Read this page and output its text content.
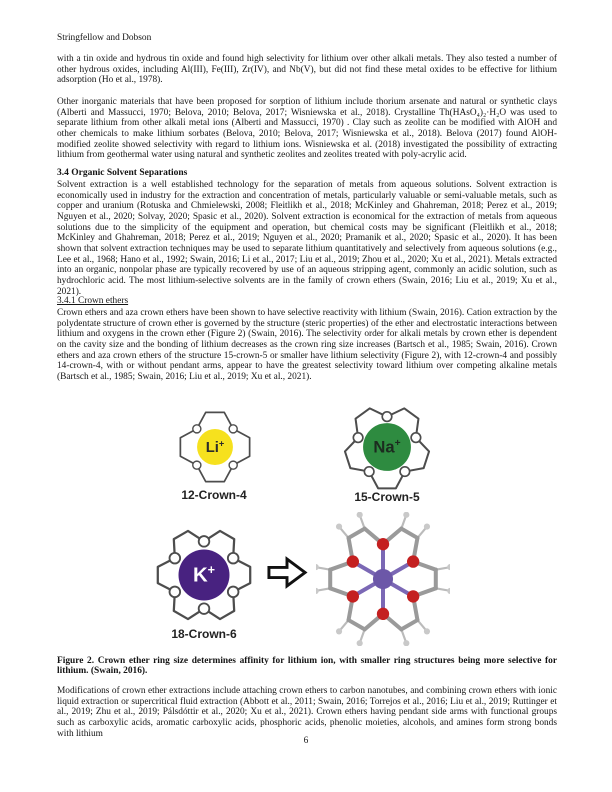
Stringfellow and Dobson

with a tin oxide and hydrous tin oxide and found high selectivity for lithium over other alkali metals. They also tested a number of other hydrous oxides, including Al(III), Fe(III), Zr(IV), and Nb(V), but did not find these metal oxides to be effective for lithium adsorption (Ho et al., 1978).

Other inorganic materials that have been proposed for sorption of lithium include thorium arsenate and natural or synthetic clays (Alberti and Massucci, 1970; Belova, 2010; Belova, 2017; Wisniewska et al., 2018). Crystalline Th(HAsO₄)₂·H₂O was used to separate lithium from other alkali metal ions (Alberti and Massucci, 1970) . Clay such as zeolite can be modified with AlOH and other chemicals to make lithium sorbates (Belova, 2010; Belova, 2017; Wisniewska et al., 2018). Belova (2017) found AlOH-modified zeolite showed selectivity with regard to lithium ions. Wisniewska et al. (2018) investigated the possibility of extracting lithium from geothermal water using natural and synthetic zeolites and zeolites treated with poly-acrylic acid.

3.4 Organic Solvent Separations

Solvent extraction is a well established technology for the separation of metals from aqueous solutions. Solvent extraction is economically used in industry for the extraction and concentration of metals, particularly valuable or semi-valuable metals, such as copper and uranium (Rotuska and Chmielewski, 2008; Fleitlikh et al., 2018; McKinley and Ghahreman, 2018; Perez et al., 2019; Nguyen et al., 2020; Solvay, 2020; Spasic et al., 2020). Solvent extraction is economical for the extraction of metals from aqueous solutions due to the simplicity of the equipment and operation, but chemical costs may be significant (Fleitlikh et al., 2018; McKinley and Ghahreman, 2018; Perez et al., 2019; Nguyen et al., 2020; Pramanik et al., 2020; Spasic et al., 2020). It has been shown that solvent extraction techniques may be used to separate lithium quantitatively and selectively from aqueous solutions (e.g., Lee et al., 1968; Hano et al., 1992; Swain, 2016; Li et al., 2017; Liu et al., 2019; Zhou et al., 2020; Xu et al., 2021). Metals extracted into an organic, nonpolar phase are typically recovered by use of an aqueous stripping agent, commonly an acidic solution, such as hydrochloric acid. The most lithium-selective solvents are in the family of crown ethers (Swain, 2016; Liu et al., 2019; Xu et al., 2021).

3.4.1 Crown ethers

Crown ethers and aza crown ethers have been shown to have selective reactivity with lithium (Swain, 2016). Cation extraction by the polydentate structure of crown ether is governed by the structure (steric properties) of the ether and electrostatic interactions between lithium and oxygens in the crown ether (Figure 2) (Swain, 2016). The selectivity order for alkali metals by crown ether is dependent on the cavity size and the bonding of lithium decreases as the crown ring size increases (Bartsch et al., 1985; Swain, 2016). Crown ethers and aza crown ethers of the structure 15-crown-5 or smaller have lithium selectivity (Figure 2), with 12-crown-4 and possibly 14-crown-4, with or without pendant arms, appear to have the greatest selectivity toward lithium over competing alkaline metals (Bartsch et al., 1985; Swain, 2016; Liu et al., 2019; Xu et al., 2021).

Li+
12-Crown-4
Na+
15-Crown-5
K+
18-Crown-6

Figure 2. Crown ether ring size determines affinity for lithium ion, with smaller ring structures being more selective for lithium. (Swain, 2016).

Modifications of crown ether extractions include attaching crown ethers to carbon nanotubes, and combining crown ethers with ionic liquid extraction or supercritical fluid extraction (Abbott et al., 2011; Swain, 2016; Torrejos et al., 2016; Liu et al., 2019; Ruttinger et al., 2019; Zhu et al., 2019; Pálsdóttir et al., 2020; Xu et al., 2021). Crown ethers having pendant side arms with functional groups such as carboxylic acids, aromatic carboxylic acids, phosphoric acids, phenolic moieties, alcohols, and amines form strong bonds with lithium

6
